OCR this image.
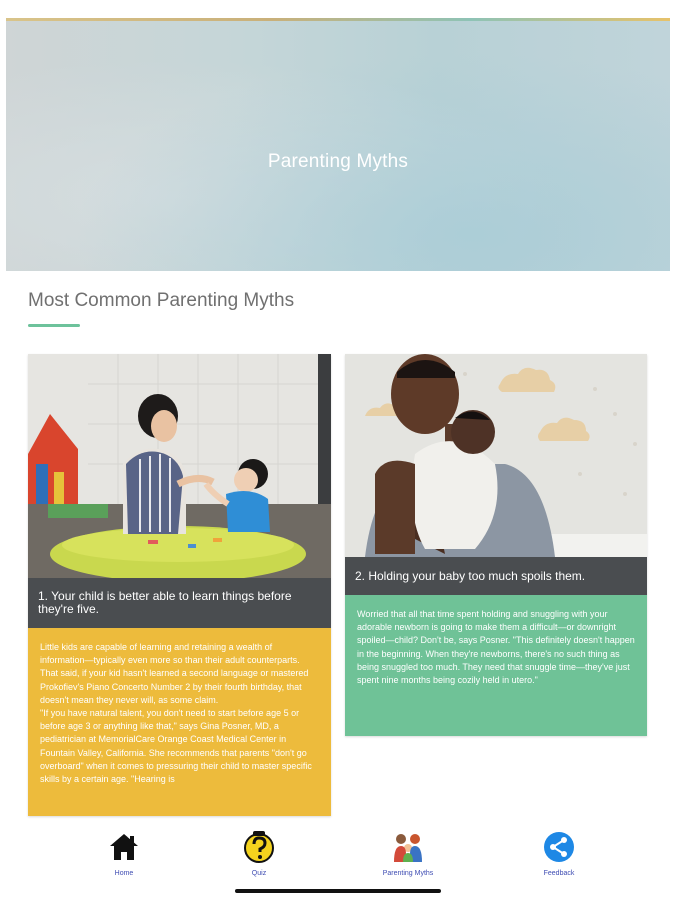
Parenting Myths
Most Common Parenting Myths
1. Your child is better able to learn things before they're five.

Little kids are capable of learning and retaining a wealth of information—typically even more so than their adult counterparts. That said, if your kid hasn't learned a second language or mastered Prokofiev's Piano Concerto Number 2 by their fourth birthday, that doesn't mean they never will, as some claim.

"If you have natural talent, you don't need to start before age 5 or before age 3 or anything like that," says Gina Posner, MD, a pediatrician at MemorialCare Orange Coast Medical Center in Fountain Valley, California. She recommends that parents "don't go overboard" when it comes to pressuring their child to master specific skills by a certain age. "Hearing is

2. Holding your baby too much spoils them.

Worried that all that time spent holding and snuggling with your adorable newborn is going to make them a difficult—or downright spoiled—child? Don't be, says Posner. "This definitely doesn't happen in the beginning. When they're newborns, there's no such thing as being snuggled too much. They need that snuggle time—they've just spent nine months being cozily held in utero."

Home	Quiz	Parenting Myths	Feedback
